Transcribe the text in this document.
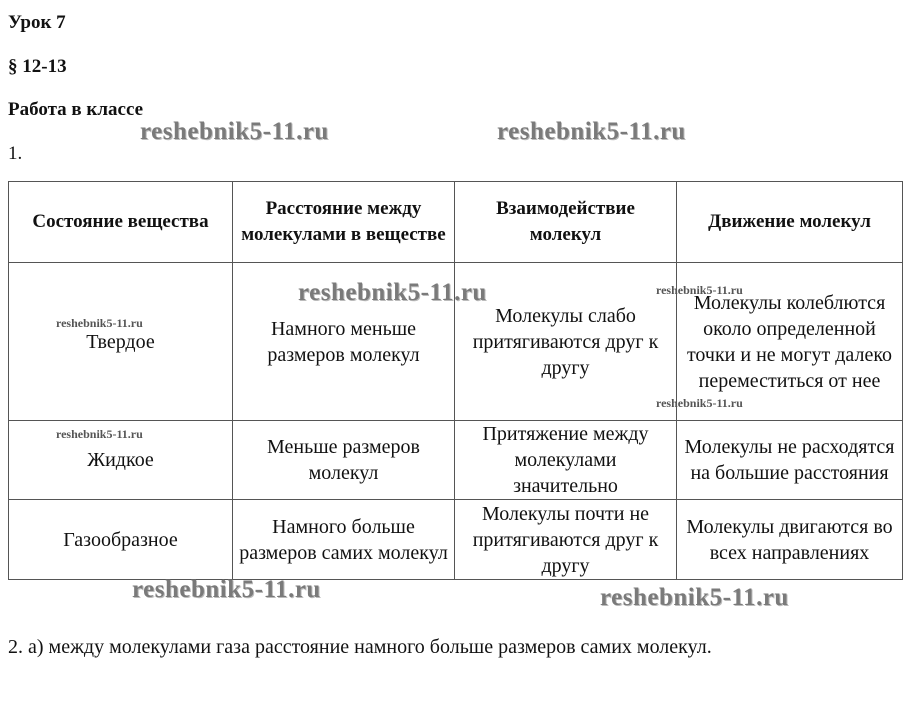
Урок 7
§ 12-13
Работа в классе
1.
Состояние вещества	Расстояние между молекулами в веществе	Взаимодействие молекул	Движение молекул
Твердое	Намного меньше размеров молекул	Молекулы слабо притягиваются друг к другу	Молекулы колеблются около определенной точки и не могут далеко переместиться от нее
Жидкое	Меньше размеров молекул	Притяжение между молекулами значительно	Молекулы не расходятся на большие расстояния
Газообразное	Намного больше размеров самих молекул	Молекулы почти не притягиваются друг к другу	Молекулы двигаются во всех направлениях
reshebnik5-11.ru	reshebnik5-11.ru
reshebnik5-11.ru
reshebnik5-11.ru	reshebnik5-11.ru
reshebnik5-11.ru
reshebnik5-11.ru
reshebnik5-11.ru
reshebnik5-11.ru
2. а) между молекулами газа расстояние намного больше размеров самих молекул.
